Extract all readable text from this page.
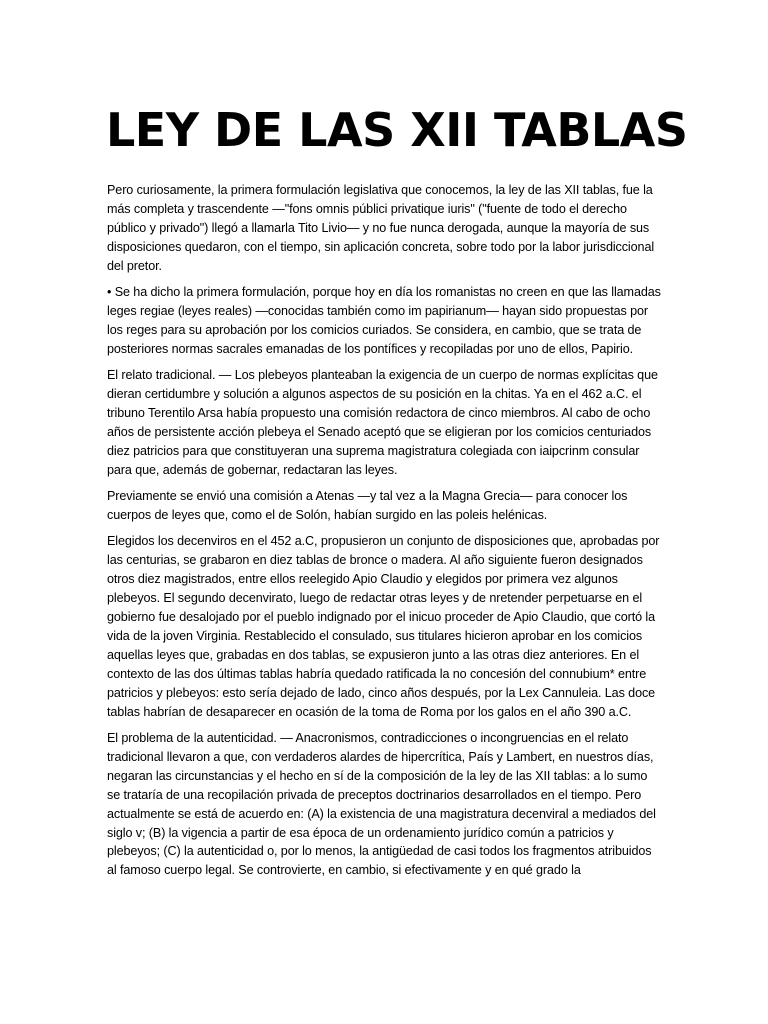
LEY DE LAS XII TABLAS

Pero curiosamente, la primera formulación legislativa que conocemos, la ley de las XII tablas, fue la más completa y trascendente —"fons omnis públici privatique iuris" ("fuente de todo el derecho público y privado") llegó a llamarla Tito Livio— y no fue nunca derogada, aunque la mayoría de sus disposiciones quedaron, con el tiempo, sin aplicación concreta, sobre todo por la labor jurisdiccional del pretor.

• Se ha dicho la primera formulación, porque hoy en día los romanistas no creen en que las llamadas leges regiae (leyes reales) —conocidas también como im papirianum— hayan sido propuestas por los reges para su aprobación por los comicios curiados. Se considera, en cambio, que se trata de posteriores normas sacrales emanadas de los pontífices y recopiladas por uno de ellos, Papirio.

El relato tradicional. — Los plebeyos planteaban la exigencia de un cuerpo de normas explícitas que dieran certidumbre y solución a algunos aspectos de su posición en la chitas. Ya en el 462 a.C. el tribuno Terentilo Arsa había propuesto una comisión redactora de cinco miembros. Al cabo de ocho años de persistente acción plebeya el Senado aceptó que se eligieran por los comicios centuriados diez patricios para que constituyeran una suprema magistratura colegiada con iaipcrinm consular para que, además de gobernar, redactaran las leyes.

Previamente se envió una comisión a Atenas —y tal vez a la Magna Grecia— para conocer los cuerpos de leyes que, como el de Solón, habían surgido en las poleis helénicas.

Elegidos los decenviros en el 452 a.C, propusieron un conjunto de disposiciones que, aprobadas por las centurias, se grabaron en diez tablas de bronce o madera. Al año siguiente fueron designados otros diez magistrados, entre ellos reelegido Apio Claudio y elegidos por primera vez algunos plebeyos. El segundo decenvirato, luego de redactar otras leyes y de nretender perpetuarse en el gobierno fue desalojado por el pueblo indignado por el inicuo proceder de Apio Claudio, que cortó la vida de la joven Virginia. Restablecido el consulado, sus titulares hicieron aprobar en los comicios aquellas leyes que, grabadas en dos tablas, se expusieron junto a las otras diez anteriores. En el contexto de las dos últimas tablas habría quedado ratificada la no concesión del connubium* entre patricios y plebeyos: esto sería dejado de lado, cinco años después, por la Lex Cannuleia. Las doce tablas habrían de desaparecer en ocasión de la toma de Roma por los galos en el año 390 a.C.

El problema de la autenticidad. — Anacronismos, contradicciones o incongruencias en el relato tradicional llevaron a que, con verdaderos alardes de hipercrítica, País y Lambert, en nuestros días, negaran las circunstancias y el hecho en sí de la composición de la ley de las XII tablas: a lo sumo se trataría de una recopilación privada de preceptos doctrinarios desarrollados en el tiempo. Pero actualmente se está de acuerdo en: (A) la existencia de una magistratura decenviral a mediados del siglo v; (B) la vigencia a partir de esa época de un ordenamiento jurídico común a patricios y plebeyos; (C) la autenticidad o, por lo menos, la antigüedad de casi todos los fragmentos atribuidos al famoso cuerpo legal. Se controvierte, en cambio, si efectivamente y en qué grado la
